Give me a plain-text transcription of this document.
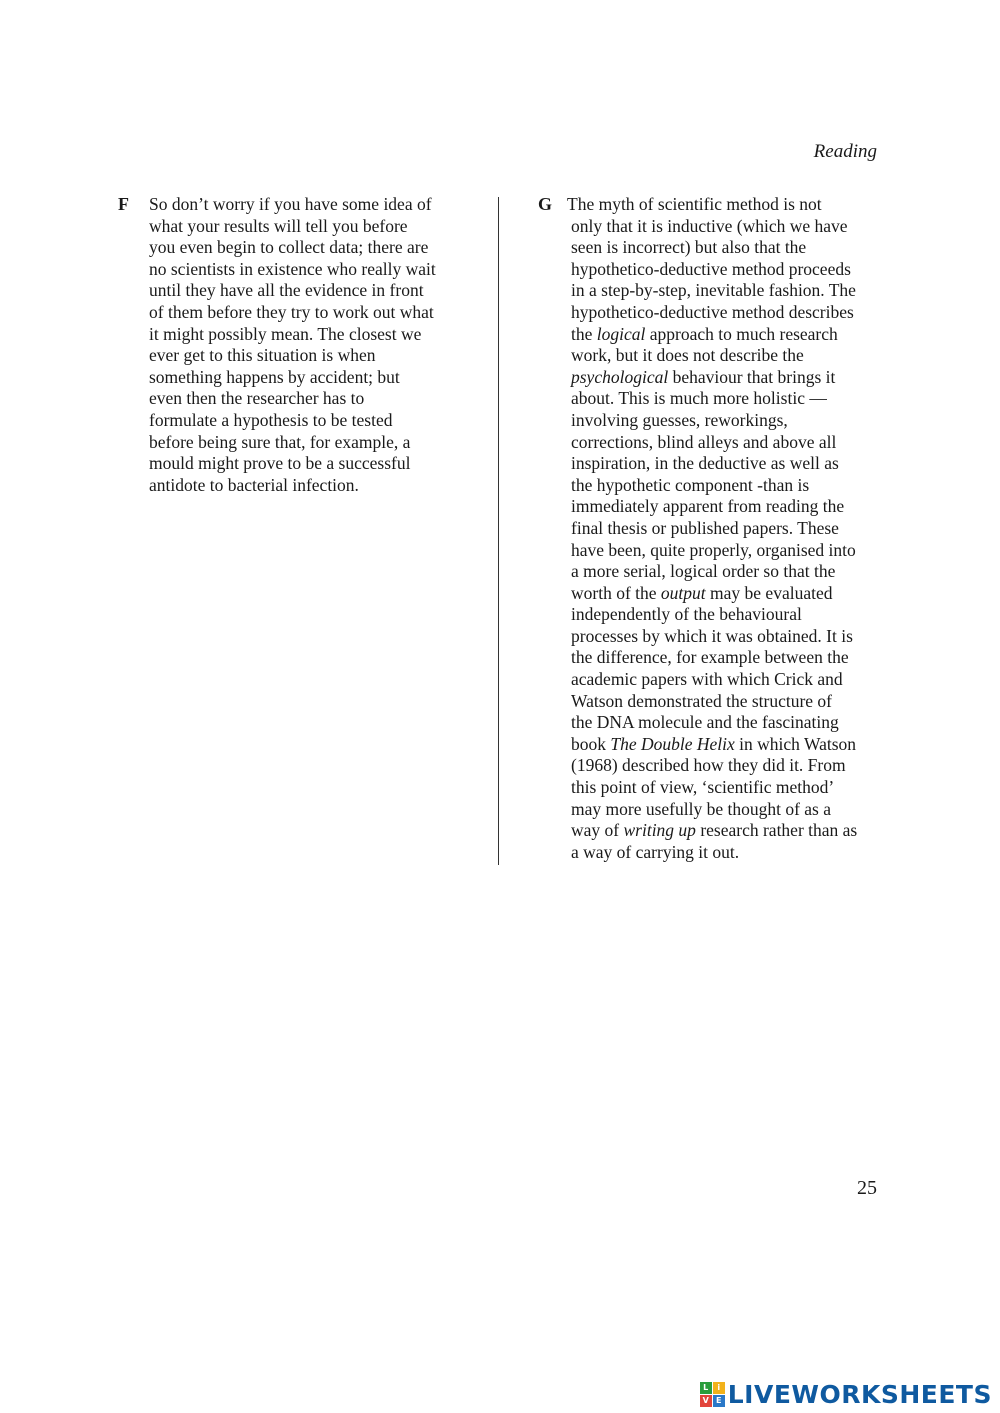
Reading

F So don’t worry if you have some idea of
what your results will tell you before
you even begin to collect data; there are
no scientists in existence who really wait
until they have all the evidence in front
of them before they try to work out what
it might possibly mean. The closest we
ever get to this situation is when
something happens by accident; but
even then the researcher has to
formulate a hypothesis to be tested
before being sure that, for example, a
mould might prove to be a successful
antidote to bacterial infection.

G The myth of scientific method is not
only that it is inductive (which we have
seen is incorrect) but also that the
hypothetico-deductive method proceeds
in a step-by-step, inevitable fashion. The
hypothetico-deductive method describes
the logical approach to much research
work, but it does not describe the
psychological behaviour that brings it
about. This is much more holistic —
involving guesses, reworkings,
corrections, blind alleys and above all
inspiration, in the deductive as well as
the hypothetic component -than is
immediately apparent from reading the
final thesis or published papers. These
have been, quite properly, organised into
a more serial, logical order so that the
worth of the output may be evaluated
independently of the behavioural
processes by which it was obtained. It is
the difference, for example between the
academic papers with which Crick and
Watson demonstrated the structure of
the DNA molecule and the fascinating
book The Double Helix in which Watson
(1968) described how they did it. From
this point of view, ‘scientific method’
may more usefully be thought of as a
way of writing up research rather than as
a way of carrying it out.

25

L	i
V E LIVEWORKSHEETS
